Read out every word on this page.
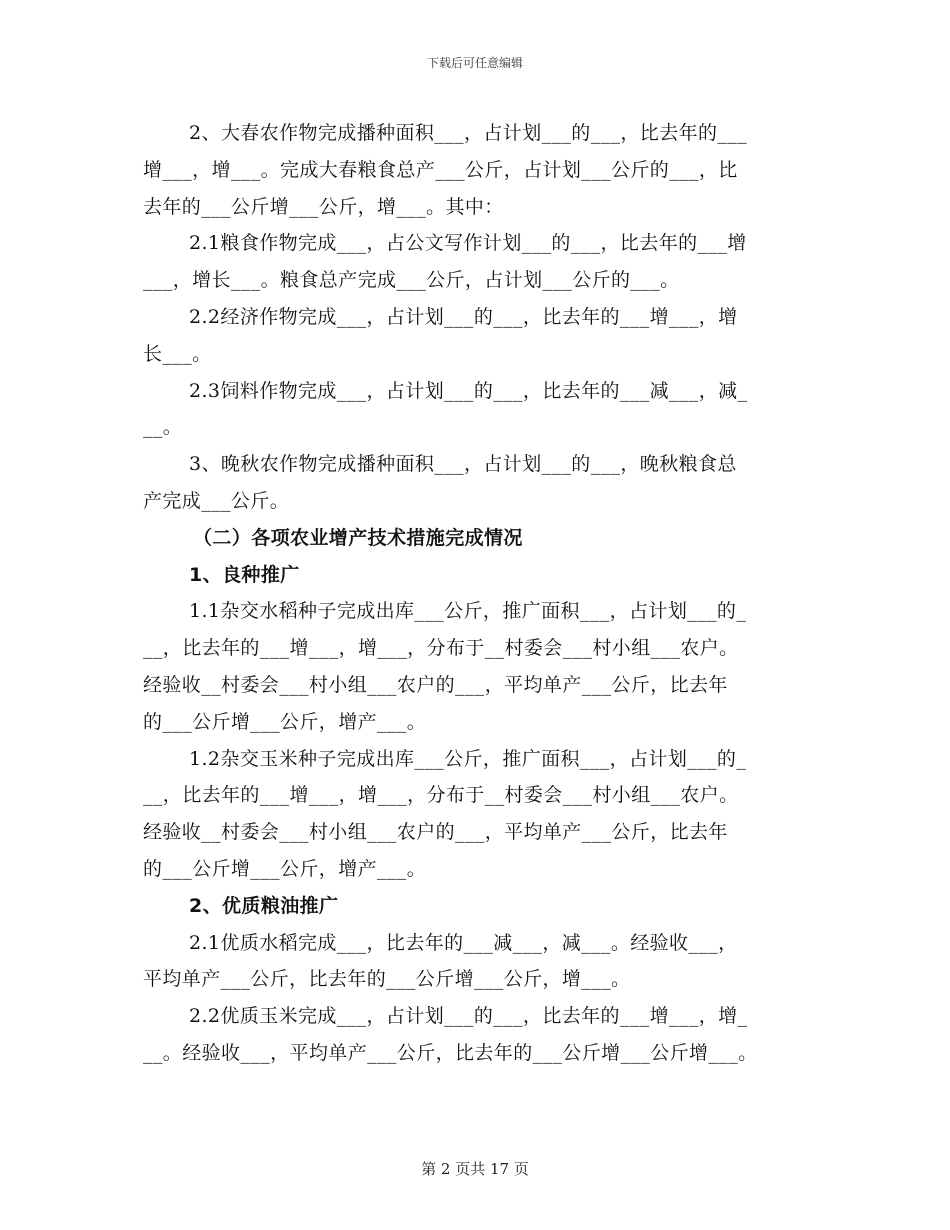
下载后可任意编辑
2、大春农作物完成播种面积___，占计划___的___，比去年的___
增___，增___。完成大春粮食总产___公斤，占计划___公斤的___，比
去年的___公斤增___公斤，增___。其中：
2.1粮食作物完成___，占公文写作计划___的___，比去年的___增
___，增长___。粮食总产完成___公斤，占计划___公斤的___。
2.2经济作物完成___，占计划___的___，比去年的___增___，增
长___。
2.3饲料作物完成___，占计划___的___，比去年的___减___，减_
__。
3、晚秋农作物完成播种面积___，占计划___的___，晚秋粮食总
产完成___公斤。
（二）各项农业增产技术措施完成情况
1、良种推广
1.1杂交水稻种子完成出库___公斤，推广面积___，占计划___的_
__，比去年的___增___，增___，分布于__村委会___村小组___农户。
经验收__村委会___村小组___农户的___，平均单产___公斤，比去年
的___公斤增___公斤，增产___。
1.2杂交玉米种子完成出库___公斤，推广面积___，占计划___的_
__，比去年的___增___，增___，分布于__村委会___村小组___农户。
经验收__村委会___村小组___农户的___，平均单产___公斤，比去年
的___公斤增___公斤，增产___。
2、优质粮油推广
2.1优质水稻完成___，比去年的___减___，减___。经验收___，
平均单产___公斤，比去年的___公斤增___公斤，增___。
2.2优质玉米完成___，占计划___的___，比去年的___增___，增_
__。经验收___，平均单产___公斤，比去年的___公斤增___公斤增___。
第 2 页共 17 页
